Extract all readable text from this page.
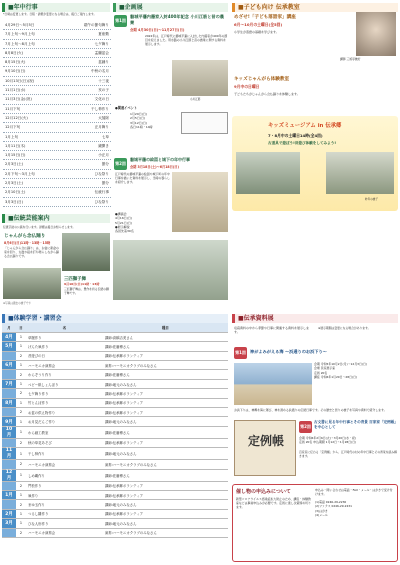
■年中行事
*日時は変更します。日程・詳細が変更になる場合は、後日ご案内します。
4月29日〜5月5日	端午の節句飾り
7月上旬〜9月上旬	夏座敷
7月上旬〜8月上旬	七夕飾り
8月8日(火)	盂蘭盆会
8月15日(火)	盆踊り
9月10日(日)	中秋の名月
10月13日(日)(祝)	十三夜
11月1日(水)	亥の子
11月3日(金)(祝)	文化の日
11月下旬	干し柿作り
12月12日(火)	大掃除
12月下旬	正月飾り
1月上旬	七草
1月11日(木)	鏡開き
1月15日(日)	小正月
2月3日(土)	節分
2月下旬〜3月上旬	ひな祭り
2月3日(土)	節分
2月10日(土)	伝統行事
3月3日(日)	ひな祭り
■伝統芸能案内
伝統芸能の公演を行います。詳細は後日お知らせします。
じゃんがら念仏踊り
8月6日(日)11時・13時・15時
「じゃんがら念仏踊り」は、お盆に新盆の家を回り、太鼓や鉦を打ち鳴らしながら踊る念仏踊りです。
三匹獅子舞
9月10日(日)11時・13時
三匹獅子舞は、豊作を祈る伝統の獅子舞です。
※写真は過去の様子です
■企画展
第1回
磐城平藩内藤家入封400年記念 小川江筋と昔の農業
会期 4月30日(日)〜11月27日(日)
2022年は、江戸時代に磐城平藩に入封した内藤家が400年の節目を迎えました。用水路の小川江筋と昔の農業に関する資料を展示します。
小川江筋
●関連イベント
1月29日(日)
2月5日(日)
3月12日(日)
各日11時・14時
第2回
磐城平藩の絵図と城下の年中行事
会期 3月18日(土)〜6月18日(日)
江戸時代の磐城平藩の絵図や城下町の年中行事を描いた資料を展示し、当時の暮らしを紹介します。
●講演会
4月16日(日)
5月21日(日)
●展示解説
各回先着30名
■子ども向け 伝承教室
めざせ!「子ども落語家」講座
6月〜10月の土曜日(全5回)
小学生が落語の基礎を学びます。
講師 三遊亭兼好
キッズじゃんがら体験教室
9月中の日曜日
子どもたちがじゃんがら念仏踊りを体験します。
キッズミュージアム in 伝承郷
7・8月中の土曜日14時(全4回)
古道具で遊ぼう!昔遊び体験をしてみよう!
昨年の様子
■体験学習・講習会
月	日	名	種目
4月	1	草履作り	講師:高橋吉美さん
5月	1	げんた凧作り	講師:佐藤博さん
	2	昔遊びの日	講師:伝承郷ボランティア
6月	1	ハーモニカ演奏会	演奏:ハーモニカクラブのみなさん
	2	わらぞうり作り	講師:佐藤博さん
7月	1	ベビー紙しょんぼり	講師:地元のみなさん
	2	七夕飾り作り	講師:伝承郷ボランティア
8月	1	竹とんぼ作り	講師:伝承郷ボランティア
	2	お盆の供え物作り	講師:伝承郷ボランティア
9月	1	お月見だんご作り	講師:地元のみなさん
10月	1	わら細工教室	講師:佐藤博さん
	2	秋の草花あそび	講師:伝承郷ボランティア
11月	1	干し柿作り	講師:地元のみなさん
	2	ハーモニカ演奏会	演奏:ハーモニカクラブのみなさん
12月	1	しめ縄作り	講師:佐藤博さん
	2	門松作り	講師:伝承郷ボランティア
1月	1	凧作り	講師:伝承郷ボランティア
	2	まゆ玉作り	講師:地元のみなさん
2月	1	つるし雛作り	講師:伝承郷ボランティア
3月	1	ひな人形作り	講師:地元のみなさん
	2	ハーモニカ演奏会	演奏:ハーモニカクラブのみなさん
■伝承資料展
収蔵資料の中から季節や行事に関連する資料を展示します。
※展示期間は変更になる場合があります。
第1回 神がよみがえる海 〜浜通りのお浜下り〜
会期 令和5年10月2日(月)〜12月3日(日)
会場 民家展示室
定員 20名
講座 令和6年1月20日〜28日(日)
お浜下りは、神輿を海に運び、神を清める浜通りの伝統行事です。その歴史と祭りの様子を写真や資料で紹介します。
定例帳
第2回
古文書に見る年中行事とその背景 百家家「定例帳」を中心として
会期 令和6年2月6日(火)〜3月20日(水・祝)
定員 20名 申込期間 1月12日〜1月28日(日)
百家家に伝わる「定例帳」から、江戸時代の村の年中行事とその背景を読み解きます。
催し物の申込みについて
新型コロナウイルス感染症拡大防止のため、講座・体験教室などは事前申込みが必要です。定員に達し次第締め切ります。
申込み・問い合わせは電話・FAX・メール・はがきで受け付けます。
(1)電話 0246-29-2230
(2)ファクス 0246-29-2231
(3)はがき
(4)メール
